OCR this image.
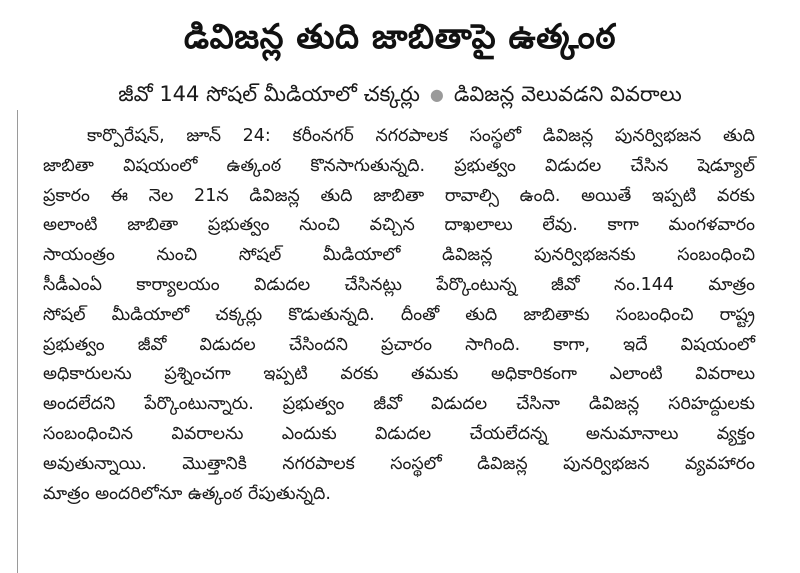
డివిజన్ల తుది జాబితాపై ఉత్కంఠ
జీవో 144 సోషల్ మీడియాలో చక్కర్లు ● డివిజన్ల వెలువడని వివరాలు
కార్పొరేషన్, జూన్ 24: కరీంనగర్ నగరపాలక సంస్థలో డివిజన్ల పునర్విభజన తుది
జాబితా విషయంలో ఉత్కంఠ కొనసాగుతున్నది. ప్రభుత్వం విడుదల చేసిన షెడ్యూల్
ప్రకారం ఈ నెల 21న డివిజన్ల తుది జాబితా రావాల్సి ఉంది. అయితే ఇప్పటి వరకు
అలాంటి జాబితా ప్రభుత్వం నుంచి వచ్చిన దాఖలాలు లేవు. కాగా మంగళవారం
సాయంత్రం నుంచి సోషల్ మీడియాలో డివిజన్ల పునర్విభజనకు సంబంధించి
సీడీఎంఏ కార్యాలయం విడుదల చేసినట్లు పేర్కొంటున్న జీవో నం.144 మాత్రం
సోషల్ మీడియాలో చక్కర్లు కొడుతున్నది. దీంతో తుది జాబితాకు సంబంధించి రాష్ట్ర
ప్రభుత్వం జీవో విడుదల చేసిందని ప్రచారం సాగింది. కాగా, ఇదే విషయంలో
అధికారులను ప్రశ్నించగా ఇప్పటి వరకు తమకు అధికారికంగా ఎలాంటి వివరాలు
అందలేదని పేర్కొంటున్నారు. ప్రభుత్వం జీవో విడుదల చేసినా డివిజన్ల సరిహద్దులకు
సంబంధించిన వివరాలను ఎందుకు విడుదల చేయలేదన్న అనుమానాలు వ్యక్తం
అవుతున్నాయి. మొత్తానికి నగరపాలక సంస్థలో డివిజన్ల పునర్విభజన వ్యవహారం
మాత్రం అందరిలోనూ ఉత్కంఠ రేపుతున్నది.
